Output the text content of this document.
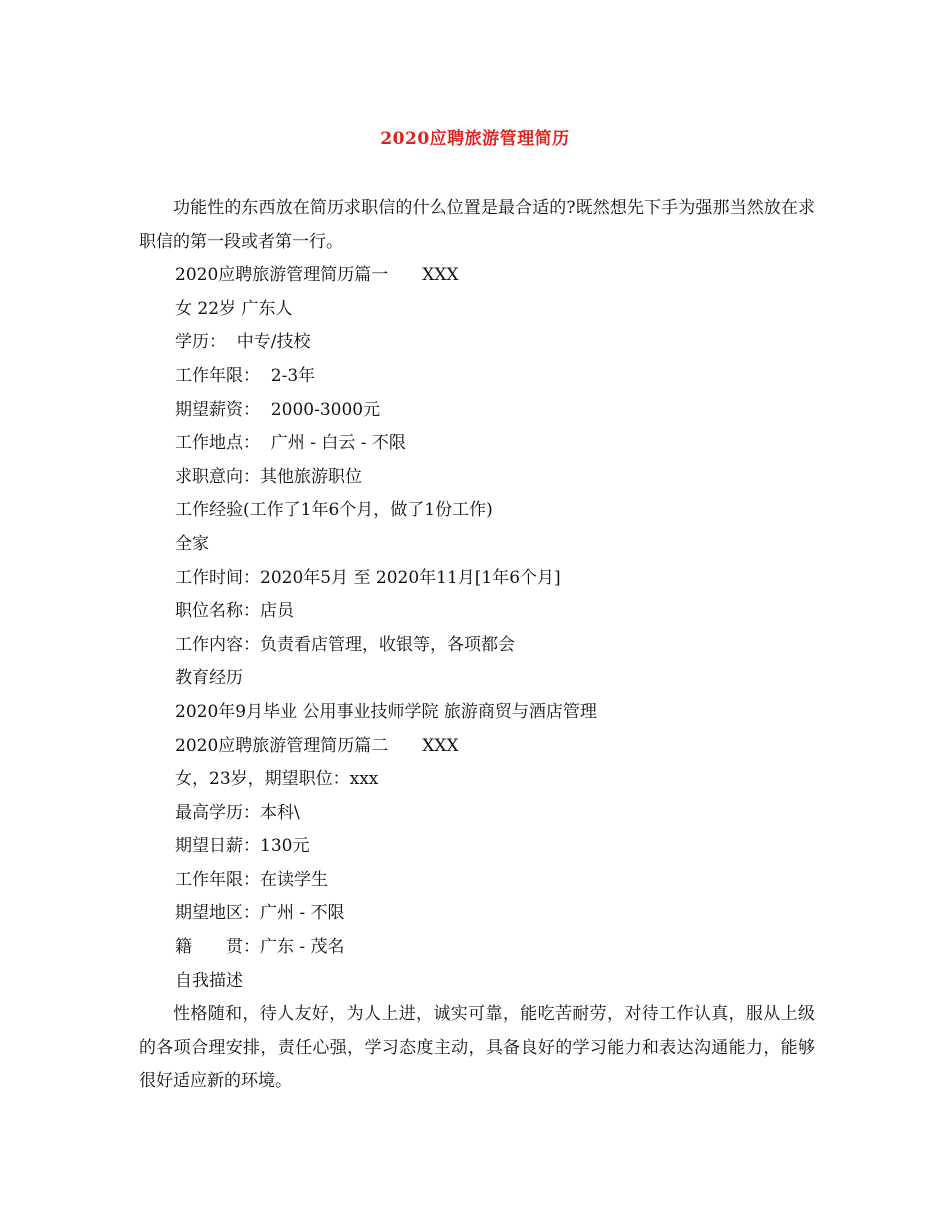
2020应聘旅游管理简历

功能性的东西放在简历求职信的什么位置是最合适的?既然想先下手为强那当然放在求职信的第一段或者第一行。

2020应聘旅游管理简历篇一　　XXX

女 22岁 广东人

学历：  中专/技校

工作年限：  2-3年

期望薪资：  2000-3000元

工作地点：  广州 - 白云 - 不限

求职意向：其他旅游职位

工作经验(工作了1年6个月，做了1份工作)

全家

工作时间：2020年5月 至 2020年11月[1年6个月]

职位名称：店员

工作内容：负责看店管理，收银等，各项都会

教育经历

2020年9月毕业 公用事业技师学院 旅游商贸与酒店管理

2020应聘旅游管理简历篇二　　XXX

女，23岁，期望职位：xxx

最高学历：本科\

期望日薪：130元

工作年限：在读学生

期望地区：广州 - 不限

籍　　贯：广东 - 茂名

自我描述

性格随和，待人友好，为人上进，诚实可靠，能吃苦耐劳，对待工作认真，服从上级的各项合理安排，责任心强，学习态度主动，具备良好的学习能力和表达沟通能力，能够很好适应新的环境。
